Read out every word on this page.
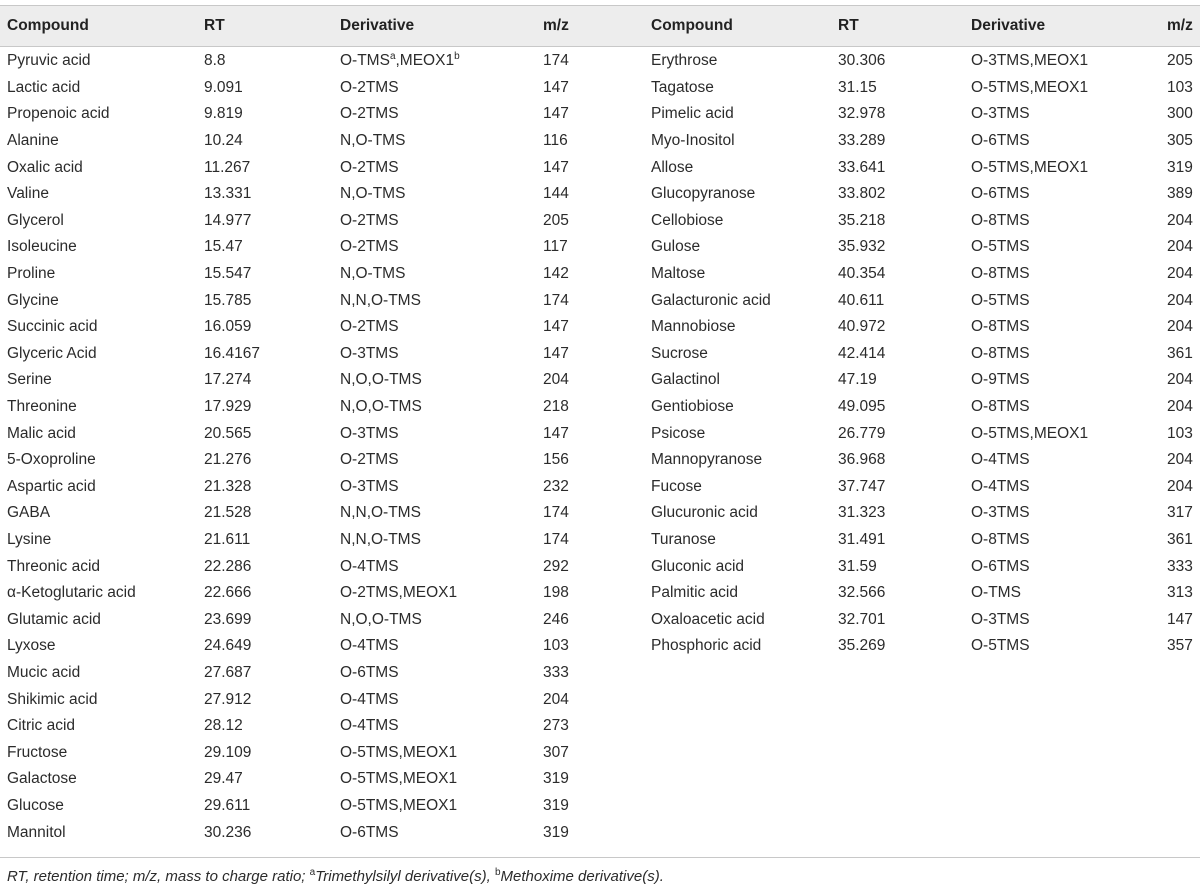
Compound	RT	Derivative	m/z	
Pyruvic acid	8.8	O-TMS$^a$,MEOX1$^b$	174	
Lactic acid	9.091	O-2TMS	147	
Propenoic acid	9.819	O-2TMS	147	
Alanine	10.24	N,O-TMS	116	
Oxalic acid	11.267	O-2TMS	147	
Valine	13.331	N,O-TMS	144	
Glycerol	14.977	O-2TMS	205	
Isoleucine	15.47	O-2TMS	117	
Proline	15.547	N,O-TMS	142	
Glycine	15.785	N,N,O-TMS	174	
Succinic acid	16.059	O-2TMS	147	
Glyceric Acid	16.4167	O-3TMS	147	
Serine	17.274	N,O,O-TMS	204	
Threonine	17.929	N,O,O-TMS	218	
Malic acid	20.565	O-3TMS	147	
5-Oxoproline	21.276	O-2TMS	156	
Aspartic acid	21.328	O-3TMS	232	
GABA	21.528	N,N,O-TMS	174	
Lysine	21.611	N,N,O-TMS	174	
Threonic acid	22.286	O-4TMS	292	
α-Ketoglutaric acid	22.666	O-2TMS,MEOX1	198	
Glutamic acid	23.699	N,O,O-TMS	246	
Lyxose	24.649	O-4TMS	103	
Mucic acid	27.687	O-6TMS	333	
Shikimic acid	27.912	O-4TMS	204	
Citric acid	28.12	O-4TMS	273	
Fructose	29.109	O-5TMS,MEOX1	307	
Galactose	29.47	O-5TMS,MEOX1	319	
Glucose	29.611	O-5TMS,MEOX1	319	
Mannitol	30.236	O-6TMS	319	
Compound	RT	Derivative	m/z
Erythrose	30.306	O-3TMS,MEOX1	205
Tagatose	31.15	O-5TMS,MEOX1	103
Pimelic acid	32.978	O-3TMS	300
Myo-Inositol	33.289	O-6TMS	305
Allose	33.641	O-5TMS,MEOX1	319
Glucopyranose	33.802	O-6TMS	389
Cellobiose	35.218	O-8TMS	204
Gulose	35.932	O-5TMS	204
Maltose	40.354	O-8TMS	204
Galacturonic acid	40.611	O-5TMS	204
Mannobiose	40.972	O-8TMS	204
Sucrose	42.414	O-8TMS	361
Galactinol	47.19	O-9TMS	204
Gentiobiose	49.095	O-8TMS	204
Psicose	26.779	O-5TMS,MEOX1	103
Mannopyranose	36.968	O-4TMS	204
Fucose	37.747	O-4TMS	204
Glucuronic acid	31.323	O-3TMS	317
Turanose	31.491	O-8TMS	361
Gluconic acid	31.59	O-6TMS	333
Palmitic acid	32.566	O-TMS	313
Oxaloacetic acid	32.701	O-3TMS	147
Phosphoric acid	35.269	O-5TMS	357
RT, retention time; m/z, mass to charge ratio; $^a$Trimethylsilyl derivative(s), $^b$Methoxime derivative(s).
